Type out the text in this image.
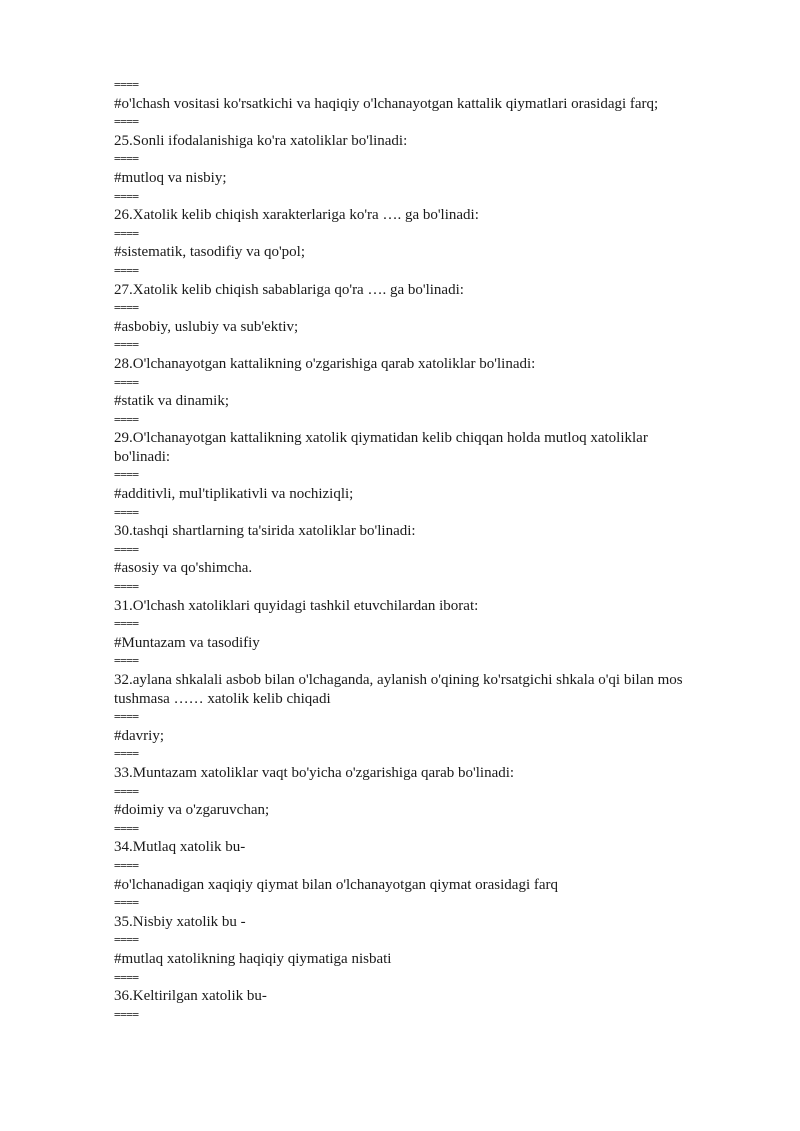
====
#o'lchash vositasi ko'rsatkichi va haqiqiy o'lchanayotgan kattalik qiymatlari orasidagi farq;
====
25.Sonli ifodalanishiga ko'ra xatoliklar bo'linadi:
====
#mutloq va nisbiy;
====
26.Xatolik kelib chiqish xarakterlariga ko'ra …. ga bo'linadi:
====
#sistematik, tasodifiy va qo'pol;
====
27.Xatolik kelib chiqish sabablariga qo'ra …. ga bo'linadi:
====
#asbobiy, uslubiy va sub'ektiv;
====
28.O'lchanayotgan kattalikning o'zgarishiga qarab xatoliklar bo'linadi:
====
#statik va dinamik;
====
29.O'lchanayotgan kattalikning xatolik qiymatidan kelib chiqqan holda mutloq xatoliklar
bo'linadi:
====
#additivli, mul'tiplikativli va nochiziqli;
====
30.tashqi shartlarning ta'sirida xatoliklar bo'linadi:
====
#asosiy va qo'shimcha.
====
31.O'lchash xatoliklari quyidagi tashkil etuvchilardan iborat:
====
#Muntazam va tasodifiy
====
32.aylana shkalali asbob bilan o'lchaganda, aylanish o'qining ko'rsatgichi shkala o'qi bilan mos
tushmasa …… xatolik kelib chiqadi
====
#davriy;
====
33.Muntazam xatoliklar vaqt bo'yicha o'zgarishiga qarab bo'linadi:
====
#doimiy va o'zgaruvchan;
====
34.Mutlaq xatolik bu-
====
#o'lchanadigan xaqiqiy qiymat bilan o'lchanayotgan qiymat orasidagi farq
====
35.Nisbiy xatolik bu -
====
#mutlaq xatolikning haqiqiy qiymatiga nisbati
====
36.Keltirilgan xatolik bu-
====
